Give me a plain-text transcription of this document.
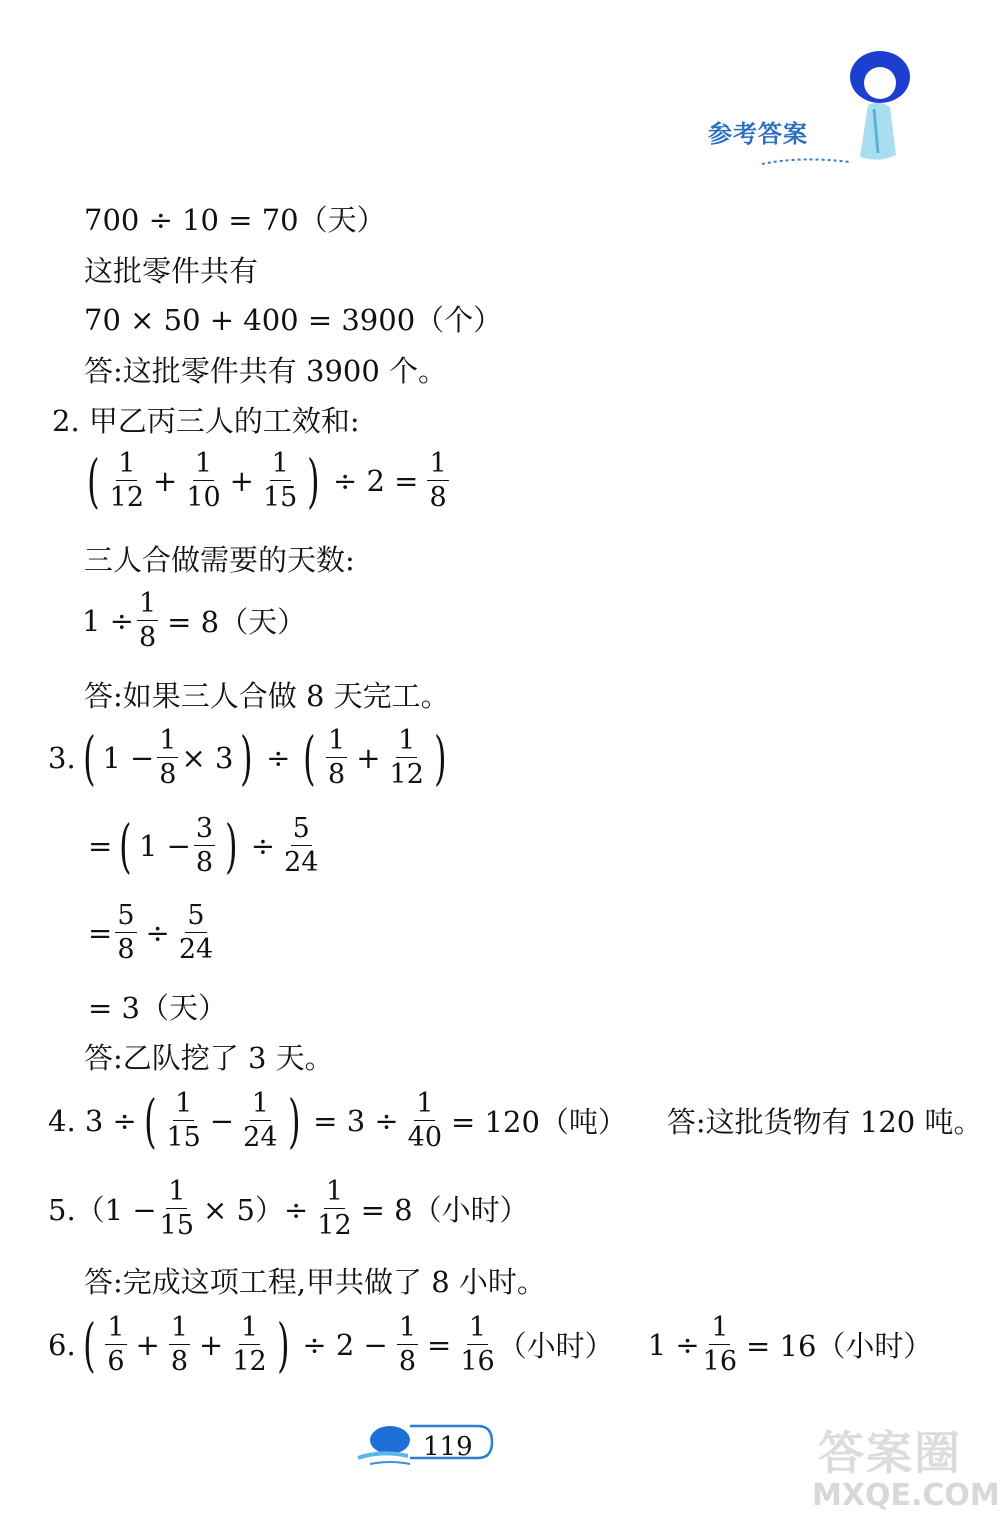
参考答案
700 ÷ 10 = 70（天）
这批零件共有
70 × 50 + 400 = 3900（个）
答:这批零件共有 3900 个。
2. 甲乙丙三人的工效和:
( $\frac{1}{12} + \frac{1}{10} + \frac{1}{15}$ ) ÷ $2 = \frac{1}{8}$
三人合做需要的天数:
$1 \div \frac{1}{8} = 8$（天）
答:如果三人合做 8 天完工。
3. ( $1 - \frac{1}{8} \times 3$ ) ÷ ( $\frac{1}{8} + \frac{1}{12}$ )
= ( $1 - \frac{3}{8}$ ) ÷ $\frac{5}{24}$
= $\frac{5}{8} \div \frac{5}{24}$
= 3（天）
答:乙队挖了 3 天。
4. 3 ÷ ( $\frac{1}{15} - \frac{1}{24}$ ) = $3 \div \frac{1}{40} = 120$（吨） 答:这批货物有 120 吨。
$5.(1 - \frac{1}{15} \times 5)\div \frac{1}{12} = 8$（小时）
答:完成这项工程,甲共做了 8 小时。
6. ( $\frac{1}{6} + \frac{1}{8} + \frac{1}{12}$ ) ÷ $2 - \frac{1}{8} = \frac{1}{16}$ （小时） $1 \div \frac{1}{16} = 16$（小时）
119	答案圈
MXQE.COM
